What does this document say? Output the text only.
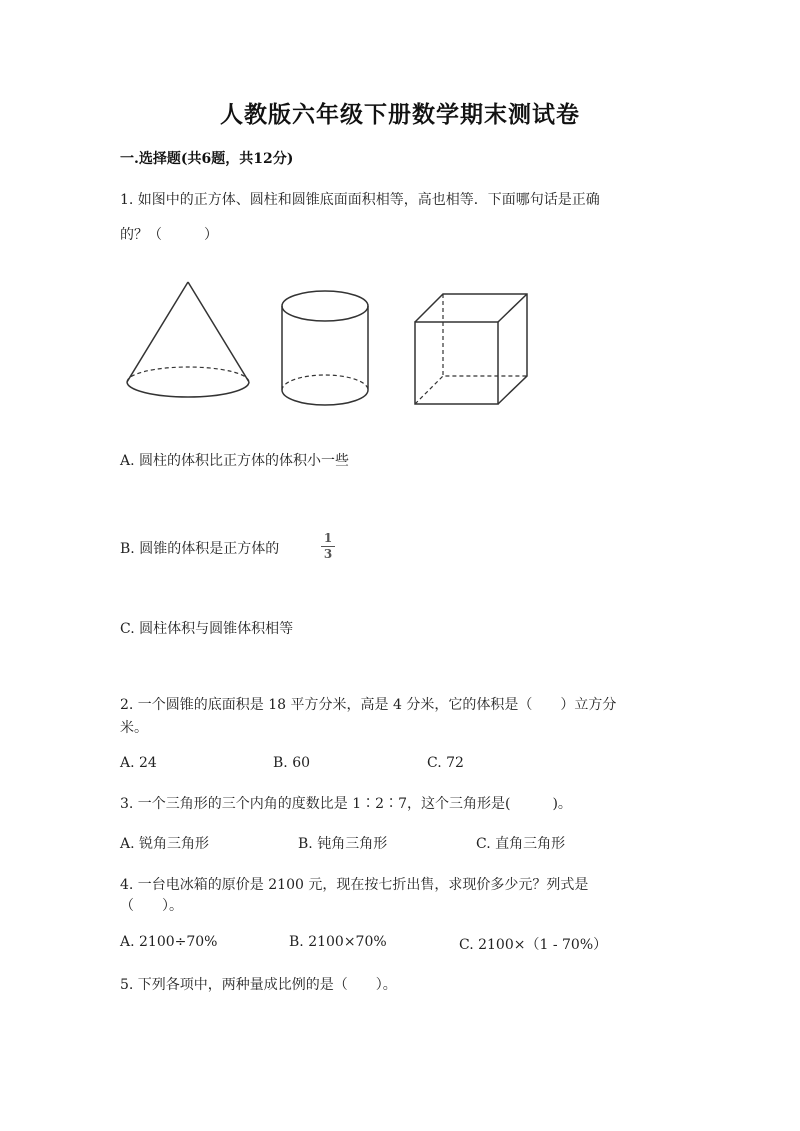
人教版六年级下册数学期末测试卷
一.选择题(共6题，共12分)
1. 如图中的正方体、圆柱和圆锥底面面积相等，高也相等．下面哪句话是正确
的？（　　　）
A. 圆柱的体积比正方体的体积小一些
B. 圆锥的体积是正方体的
1
3
C. 圆柱体积与圆锥体积相等
2. 一个圆锥的底面积是 18 平方分米，高是 4 分米，它的体积是（　　）立方分
米。
A. 24	B. 60	C. 72
3. 一个三角形的三个内角的度数比是 1∶2∶7，这个三角形是(　　　)。
A. 锐角三角形	B. 钝角三角形	C. 直角三角形
4. 一台电冰箱的原价是 2100 元，现在按七折出售，求现价多少元？列式是
（　　）。
A. 2100÷70%	B. 2100×70%	C. 2100×（1 - 70%）
5. 下列各项中，两种量成比例的是（　　）。
